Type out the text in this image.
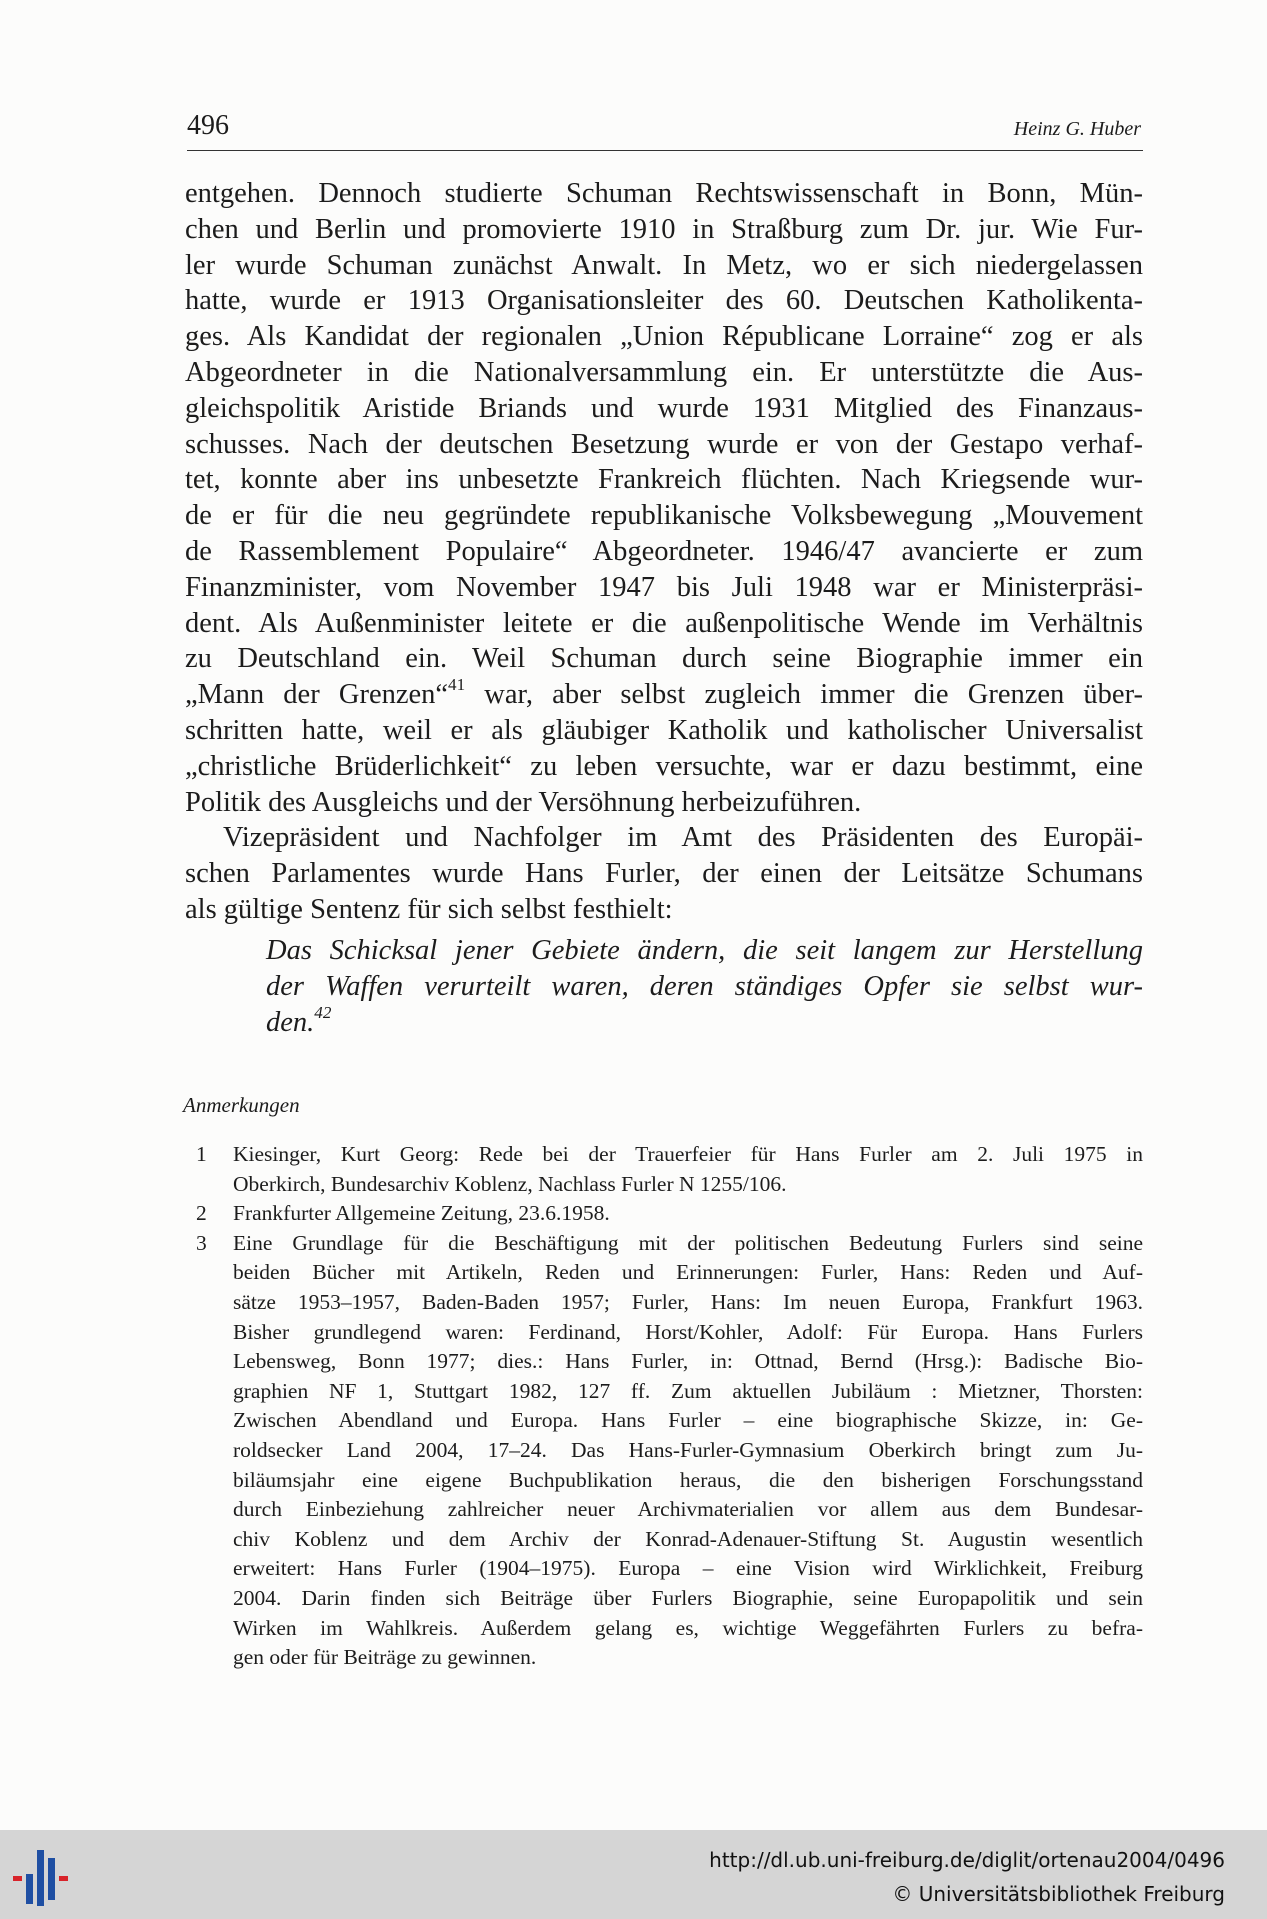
496	Heinz G. Huber
entgehen. Dennoch studierte Schuman Rechtswissenschaft in Bonn, Mün-
chen und Berlin und promovierte 1910 in Straßburg zum Dr. jur. Wie Fur-
ler wurde Schuman zunächst Anwalt. In Metz, wo er sich niedergelassen
hatte, wurde er 1913 Organisationsleiter des 60. Deutschen Katholikenta-
ges. Als Kandidat der regionalen „Union Républicane Lorraine“ zog er als
Abgeordneter in die Nationalversammlung ein. Er unterstützte die Aus-
gleichspolitik Aristide Briands und wurde 1931 Mitglied des Finanzaus-
schusses. Nach der deutschen Besetzung wurde er von der Gestapo verhaf-
tet, konnte aber ins unbesetzte Frankreich flüchten. Nach Kriegsende wur-
de er für die neu gegründete republikanische Volksbewegung „Mouvement
de Rassemblement Populaire“ Abgeordneter. 1946/47 avancierte er zum
Finanzminister, vom November 1947 bis Juli 1948 war er Ministerpräsi-
dent. Als Außenminister leitete er die außenpolitische Wende im Verhältnis
zu Deutschland ein. Weil Schuman durch seine Biographie immer ein
„Mann der Grenzen“$^{41}$ war, aber selbst zugleich immer die Grenzen über-
schritten hatte, weil er als gläubiger Katholik und katholischer Universalist
„christliche Brüderlichkeit“ zu leben versuchte, war er dazu bestimmt, eine
Politik des Ausgleichs und der Versöhnung herbeizuführen.
Vizepräsident und Nachfolger im Amt des Präsidenten des Europäi-
schen Parlamentes wurde Hans Furler, der einen der Leitsätze Schumans
als gültige Sentenz für sich selbst festhielt:
Das Schicksal jener Gebiete ändern, die seit langem zur Herstellung
der Waffen verurteilt waren, deren ständiges Opfer sie selbst wur-
den.$^{42}$
Anmerkungen
1 Kiesinger, Kurt Georg: Rede bei der Trauerfeier für Hans Furler am 2. Juli 1975 in
Oberkirch, Bundesarchiv Koblenz, Nachlass Furler N 1255/106.
2 Frankfurter Allgemeine Zeitung, 23.6.1958.
3 Eine Grundlage für die Beschäftigung mit der politischen Bedeutung Furlers sind seine
beiden Bücher mit Artikeln, Reden und Erinnerungen: Furler, Hans: Reden und Auf-
sätze 1953–1957, Baden-Baden 1957; Furler, Hans: Im neuen Europa, Frankfurt 1963.
Bisher grundlegend waren: Ferdinand, Horst/Kohler, Adolf: Für Europa. Hans Furlers
Lebensweg, Bonn 1977; dies.: Hans Furler, in: Ottnad, Bernd (Hrsg.): Badische Bio-
graphien NF 1, Stuttgart 1982, 127 ff. Zum aktuellen Jubiläum : Mietzner, Thorsten:
Zwischen Abendland und Europa. Hans Furler – eine biographische Skizze, in: Ge-
roldsecker Land 2004, 17–24. Das Hans-Furler-Gymnasium Oberkirch bringt zum Ju-
biläumsjahr eine eigene Buchpublikation heraus, die den bisherigen Forschungsstand
durch Einbeziehung zahlreicher neuer Archivmaterialien vor allem aus dem Bundesar-
chiv Koblenz und dem Archiv der Konrad-Adenauer-Stiftung St. Augustin wesentlich
erweitert: Hans Furler (1904–1975). Europa – eine Vision wird Wirklichkeit, Freiburg
2004. Darin finden sich Beiträge über Furlers Biographie, seine Europapolitik und sein
Wirken im Wahlkreis. Außerdem gelang es, wichtige Weggefährten Furlers zu befra-
gen oder für Beiträge zu gewinnen.
http://dl.ub.uni-freiburg.de/diglit/ortenau2004/0496
© Universitätsbibliothek Freiburg
